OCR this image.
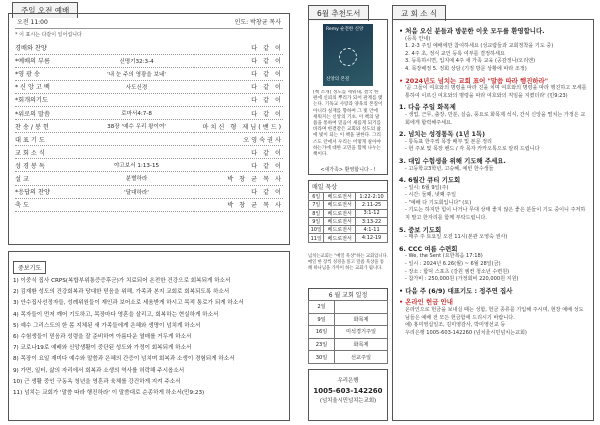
주일 오전 예배
오전 11:00	인도: 박창균 목사
* 이 표시는 다같이 일어섭니다
경배와 찬양		다 같 이
*예배의 부름	신명기32:3-4	다 같 이
*영 광 송	'내 눈 주의 영광을 보네'	다 같 이
* 신 앙 고 백	사도신경	다 같 이
*회개의기도		다 같 이
*위로의 말씀	로마서4:7-8	다 같 이
찬 송 / 봉 헌	38장 '예수 우리 왕이여'	마치신 형 제님(밴드)
대 표 기 도		오영숙권사
교 회 소 식		다 같 이
성 경 봉 독	야고보서 1:13-15	다 같 이
설 교	분별하라	박 창 균 목 사
*응답의 찬양	'달대하라'	다 같 이
축 도		박 창 균 목 사
중보기도
1) 이중식 집사 CRPS(복합부위통증증후군)가 치료되어 온전한 건강으로 회복되게 하소서
2) 김재환 성도의 건강회복과 당대한 믿음을 위해, 가족과 본지 교회로 회복되도록 하소서
3) 안수집사선정자들, 성례위원들이 재인과 보어소로 세움받게 하시고 목적 통로가 되게 하소서
4) 목자들이 먼저 깨어 기도하고, 목장마다 영혼을 살리고, 회복하는 현실하게 하소서
5) 예수 그리스도의 한 몸 지체된 새 가족들에게 은혜와 생명이 넘치게 하소서
6) 수험생들이 믿음과 성령을 잘 준비하여 아름다운 열매를 거두게 하소서
7) 코로나19로 예배와 신앙생활이 중단된 성도와 가정이 회복되게 하소서
8) 목장이 요일 재미다 예수와 말씀과 은혜의 간증이 넘치며 회복과 소생이 경험되게 하소서
9) 가면, 일터, 삶의 자리에서 회복과 소생의 역사를 허락해 주시옵소서
10) 근 생활 중인 구동옥 청년을 영혼과 육체를 강건하게 지켜 주소서
11) 넘치는 교회가 '말씀 따라 행진하라' 이 말씀대로 순종하게 하소서(민9:23)
6월 추천도서	교 회 소 식
Remy 순전한 신앙
신앙의 본질
[책 소개] 성도를 세워내, 결국 한편에 신뢰의 뿌리가 되어 관계를 맺는다. 기독교 사랑과 양육의 본질이 아니라 실재를 향하여 그 빛 안에 세워지는 신앙의 기초. 이 책의 말씀을 통하여 믿음이 새롭게 되기를 바라며 한결같은 교회와 성도의 삶에 빛이 되는 이 책을 권한다. 그리스도 안에서 우리는 어떻게 살아야 하는가에 대한 고민을 함께 나누는 책이다.
<새가족> 환영합니다 - !
매일 묵상
6일	베드로전서	1:22-2:10
7일	베드로전서	2:11-25
8일	베드로전서	3:1-12
9일	베드로전서	3:13-22
10일	베드로전서	4:1-11
11일	베드로전서	4:12-19
넘치는교회는 "매일 묵상"하는 교회입니다. 매일 한 장씩 성경을 읽고 말씀 묵상을 통해 하나님을 가까이 하는 교회가 됩니다.
6 월 교회 일정
2일	
9일	화목제
16일	미석경기주일
23일	화목제
30일	선교주일
우리은행
1005-603-142260
(넘치울시민넘치는교회)
• 처음 오신 분들과 방문한 이웃 모두를 환영합니다.
(등록 안내)
1. 2-3 주일 예배에만 참여하세요 (성교람들과 교회정착을 기도 중)
2. 4주 초, 정식 교인 등록 여부를 결정하세요
3. 등록하시면, 입지예 4주 새 가족 교육 (공감정나/오리엔)
4. 목장배정 5. 정회 상담 (기정 방문 상황에 따라 조정)
• 2024년도 넘치는 교회 표어 "말씀 따라 행진하라"
'곧 그들이 여호와의 명령을 따라 진을 치며 여호와의 명령을 따라 행진하고 모세를 통하여 이르신 여호와의 명령을 따라 여호와의 직임을 지켰더라' (민9:23)
1. 다음 주일 화목제
- 생업, 근무, 출장, 만분, 실습, 풍요로 화목제 석식, 간식 신앙을 떨치는 가정은 교회에게 합력해주세요.
2. 넘치는 성경통독 (1년 1독)
- 통독표 한주씩 목장 배부 및 본문 정리
- 헌 주보 및 목장 밴드 / 각 목자 카카오톡으로 알려 드립니다
3. 대입 수험생을 위해 기도해 주세요.
- 고등학교3학년, 고승혜, 예빈 한수생들
4. 6월간 큐티 기도회
- 일시: 6월 9일(주)
- 시간: 둘째, 넷째 주일
- "예배 다 기도회입니다" (토)
- 기도는 하지만 힘이 나거나 무대 상태 좋지 않은 좋은 분들이 기도 중이니 주저하지 말고 한자리를 함께 부탁드립니다.
5. 중보 기도회
- 매주 주 토요일 오전 11시(본관 오영숙 권사)
6. CCC 여름 수련회
- We, the Sent (요한복음 17:18)
- 일시 : 2024년 6.26(월) ~ 6월 28일(금)
- 장소 : 합덕 스포츠 (강원 엠컨 청소년 수련원)
- 참가비 : 250,000원 (가정회비 220,000원 지원)
• 다음 주 (6/9) 대표기도 : 정주연 집사
• 온라인 헌금 안내
온라인으로 헌금을 보내실 때는 성함, 헌금 종류를 기입해 주시며, 현장 예배 성도님들은 예배 전 모든 헌금함에 드리시기 바랍니다.
예) 홍미영십일조, 김미영감사, 박미영선교 등
우리은행 1005-603-142260 (넘치울시민넘치는교회)
